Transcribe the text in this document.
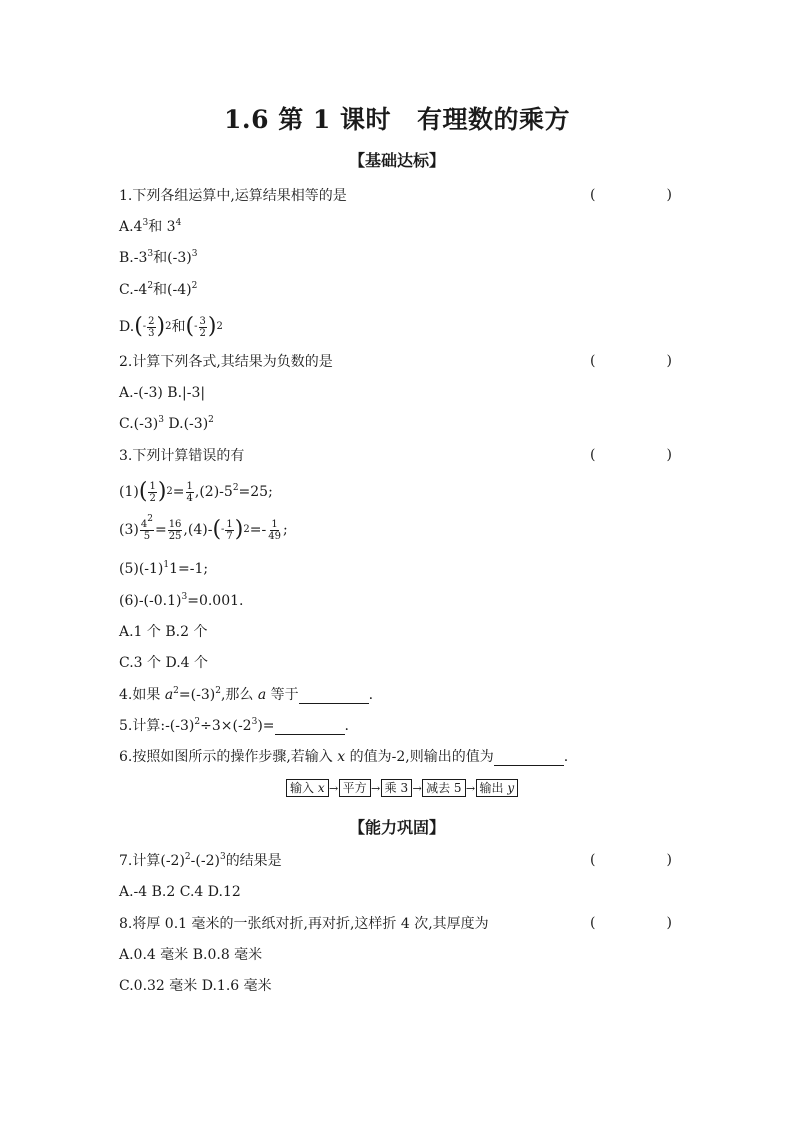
1.6 第 1 课时 有理数的乘方
【基础达标】
1.下列各组运算中,运算结果相等的是	(	)
$A.4^3$和 $3^4$
$B.-3^3$和$(-3)^3$
$C.-4^2$和$(-4)^2$
$D.(- \frac{2}{3} )2$和(- $\frac{3}{2} )2$
2.计算下列各式,其结果为负数的是	(	)
A.-(-3) B.|-3|
$C.(-3)^3$ $D.(-3)^2$
3.下列计算错误的有	(	)
$(1)( \frac{1}{2} )2= \frac{1}{4} ,(2)-5^2=25$;
$(3) \frac{4^2}{5} = \frac{16}{25} ,(4)-(- \frac{1}{7} )2=- \frac{1}{49}$ ;
$(5)(-1)^11=-1$;
$(6)-(-0.1)^3=0.001$.
A.1 个 B.2 个
C.3 个 D.4 个
4.如果 $a^2=(-3)^2$,那么 a 等于	.
5.计算$:-(-3)^2\div 3\times(-2^3)=$	.
6.按照如图所示的操作步骤,若输入 x 的值为-2,则输出的值为	.
输入 x → 平方 → 乘 3 → 减去 5 → 输出 y
【能力巩固】
7.计算$(-2)^2-(-2)^3$的结果是	(	)
A.-4 B.2 C.4 D.12
8.将厚 0.1 毫米的一张纸对折,再对折,这样折 4 次,其厚度为	(	)
A.0.4 毫米 B.0.8 毫米
C.0.32 毫米 D.1.6 毫米
